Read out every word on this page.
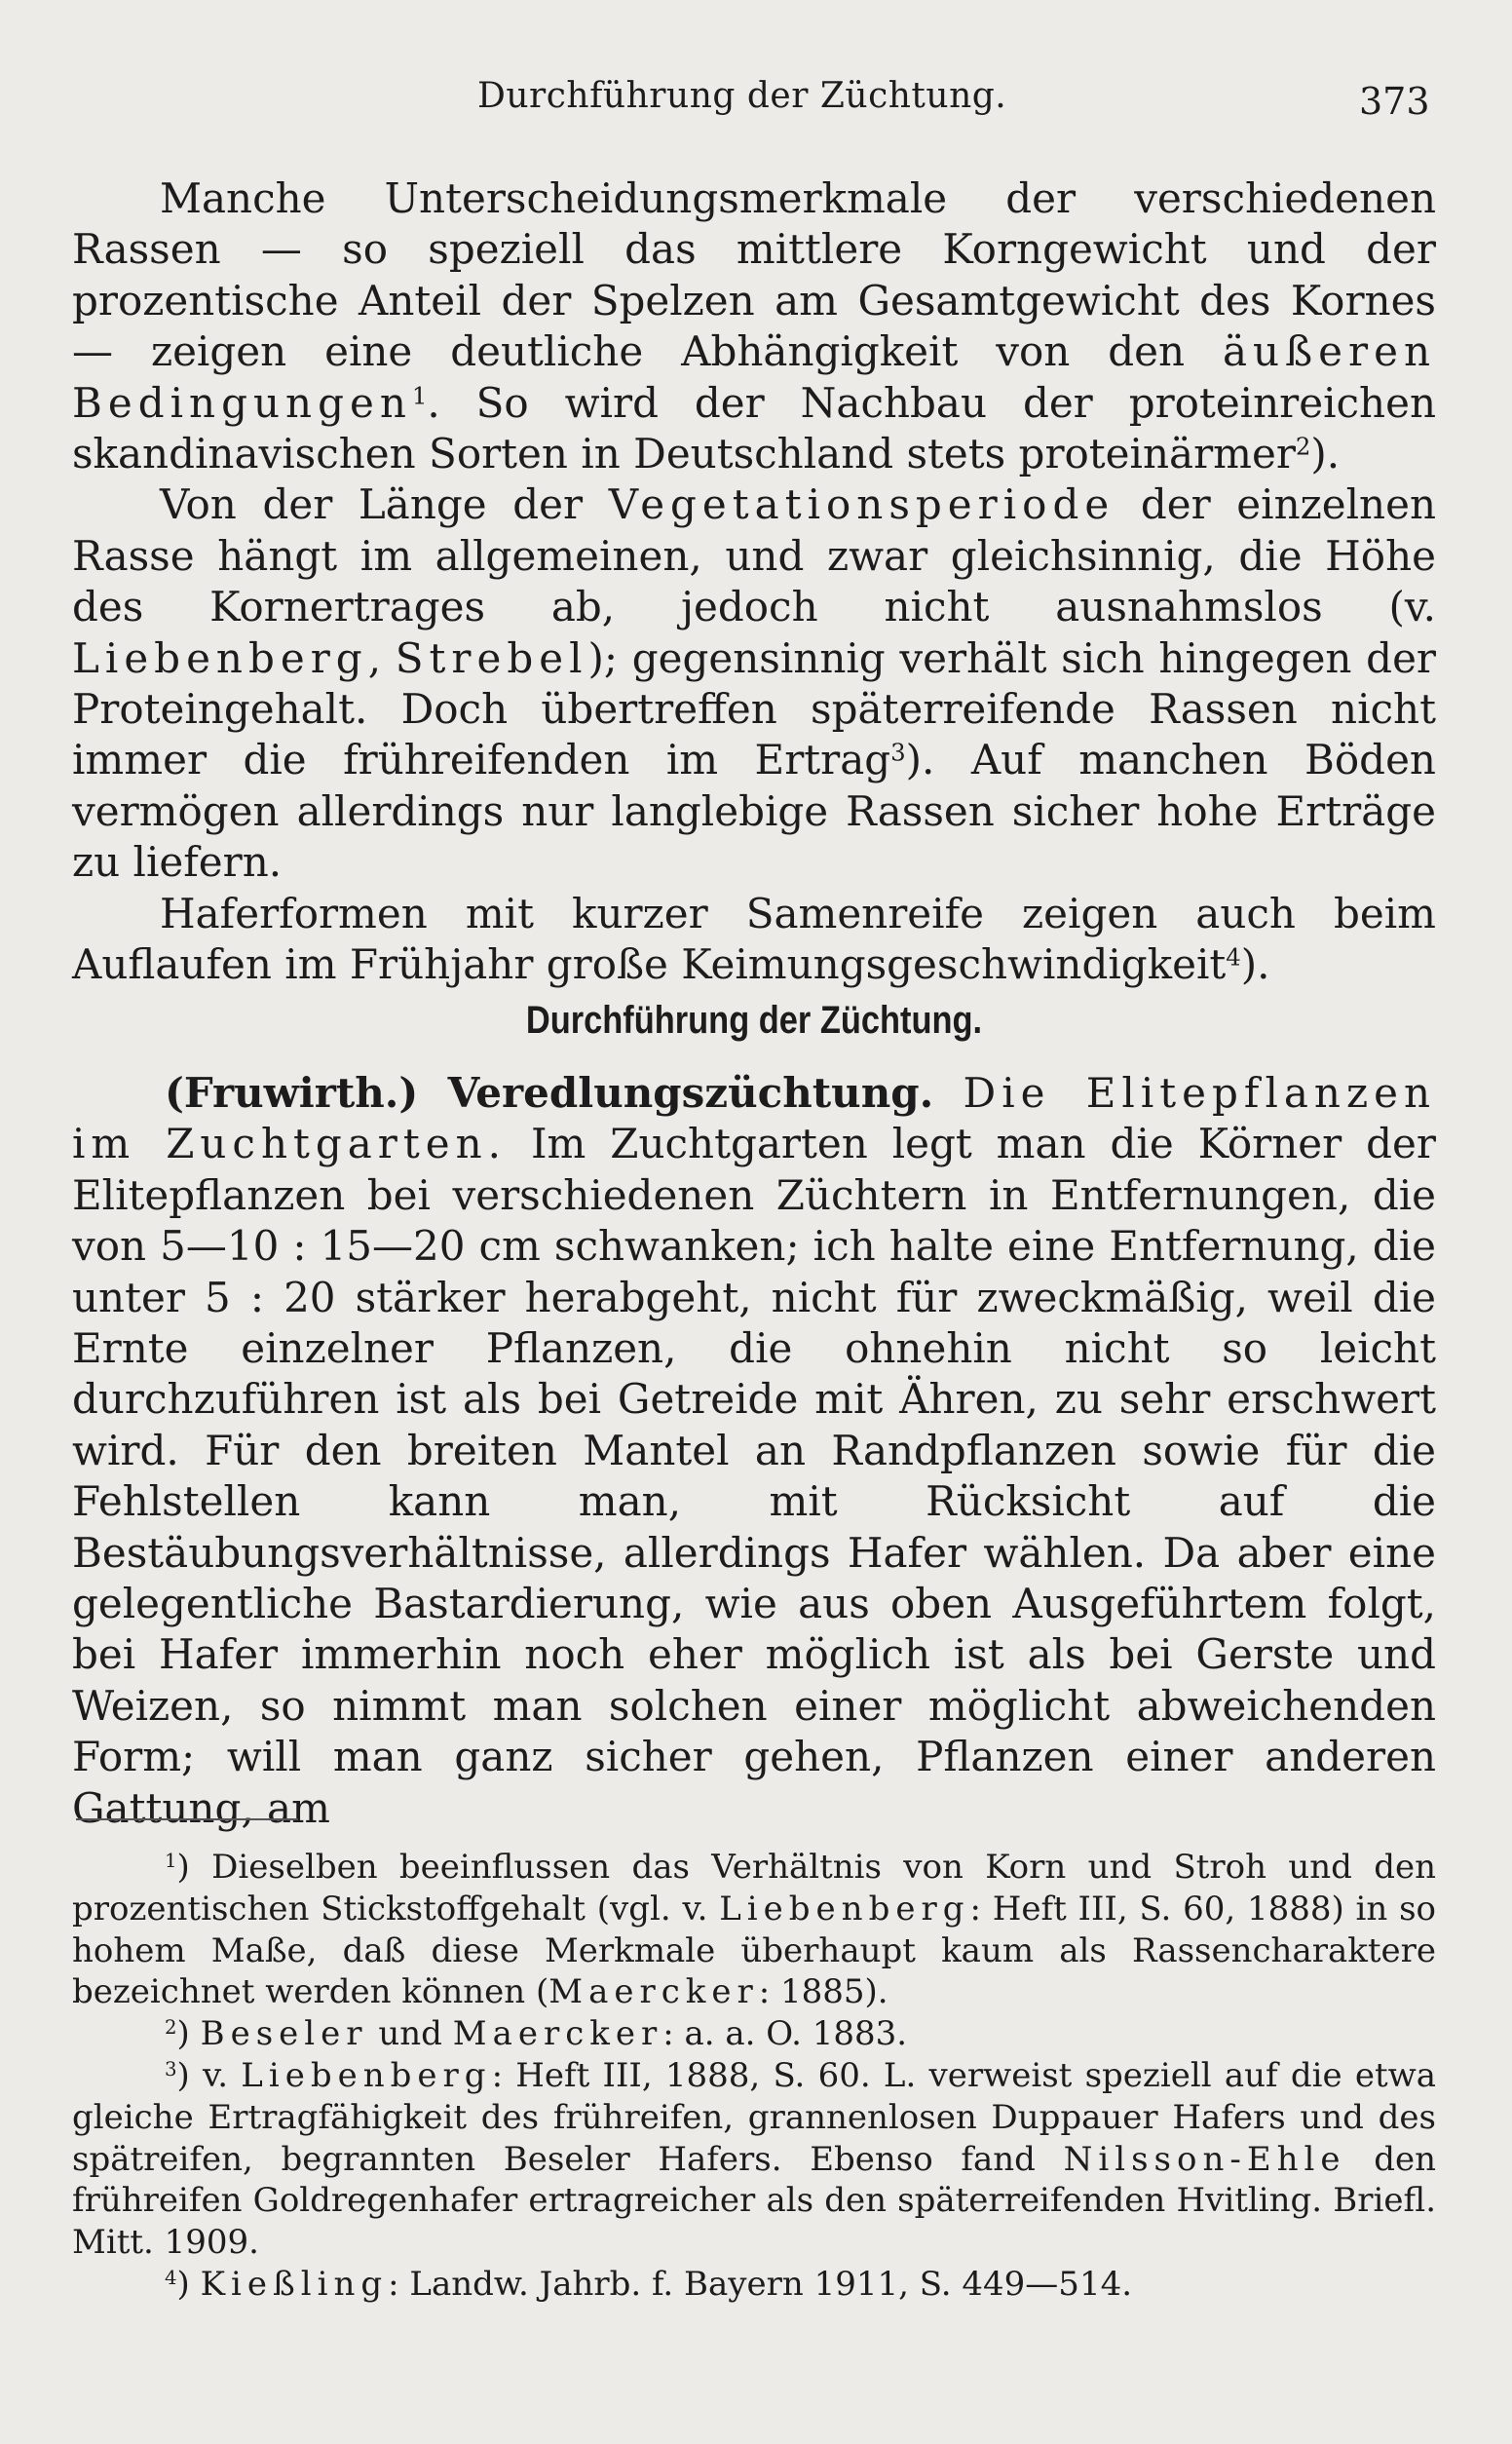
Durchführung der Züchtung.	373

Manche Unterscheidungsmerkmale der verschiedenen Rassen — so speziell das mittlere Korngewicht und der prozentische Anteil der Spelzen am Gesamtgewicht des Kornes — zeigen eine deutliche Abhängigkeit von den äußeren Bedingungen$^1$. So wird der Nachbau der proteinreichen skandinavischen Sorten in Deutschland stets proteinärmer$^2$).

Von der Länge der Vegetationsperiode der einzelnen Rasse hängt im allgemeinen, und zwar gleichsinnig, die Höhe des Kornertrages ab, jedoch nicht ausnahmslos (v. Liebenberg, Strebel); gegensinnig verhält sich hingegen der Proteingehalt. Doch übertreffen späterreifende Rassen nicht immer die frühreifenden im Ertrag$^3$). Auf manchen Böden vermögen allerdings nur langlebige Rassen sicher hohe Erträge zu liefern.

Haferformen mit kurzer Samenreife zeigen auch beim Auflaufen im Frühjahr große Keimungsgeschwindigkeit$^4$).

Durchführung der Züchtung.

(Fruwirth.) Veredlungszüchtung. Die Elitepflanzen im Zuchtgarten. Im Zuchtgarten legt man die Körner der Elitepflanzen bei verschiedenen Züchtern in Entfernungen, die von 5—10 : 15—20 cm schwanken; ich halte eine Entfernung, die unter 5 : 20 stärker herabgeht, nicht für zweckmäßig, weil die Ernte einzelner Pflanzen, die ohnehin nicht so leicht durchzuführen ist als bei Getreide mit Ähren, zu sehr erschwert wird. Für den breiten Mantel an Randpflanzen sowie für die Fehlstellen kann man, mit Rücksicht auf die Bestäubungsverhältnisse, allerdings Hafer wählen. Da aber eine gelegentliche Bastardierung, wie aus oben Ausgeführtem folgt, bei Hafer immerhin noch eher möglich ist als bei Gerste und Weizen, so nimmt man solchen einer möglicht abweichenden Form; will man ganz sicher gehen, Pflanzen einer anderen Gattung, am

$^1$) Dieselben beeinflussen das Verhältnis von Korn und Stroh und den prozentischen Stickstoffgehalt (vgl. v. Liebenberg: Heft III, S. 60, 1888) in so hohem Maße, daß diese Merkmale überhaupt kaum als Rassencharaktere bezeichnet werden können (Maercker: 1885).

$^2$) Beseler und Maercker: a. a. O. 1883.

$^3$) v. Liebenberg: Heft III, 1888, S. 60. L. verweist speziell auf die etwa gleiche Ertragfähigkeit des frühreifen, grannenlosen Duppauer Hafers und des spätreifen, begrannten Beseler Hafers. Ebenso fand Nilsson-Ehle den frühreifen Goldregenhafer ertragreicher als den späterreifenden Hvitling. Briefl. Mitt. 1909.

$^4$) Kießling: Landw. Jahrb. f. Bayern 1911, S. 449—514.
